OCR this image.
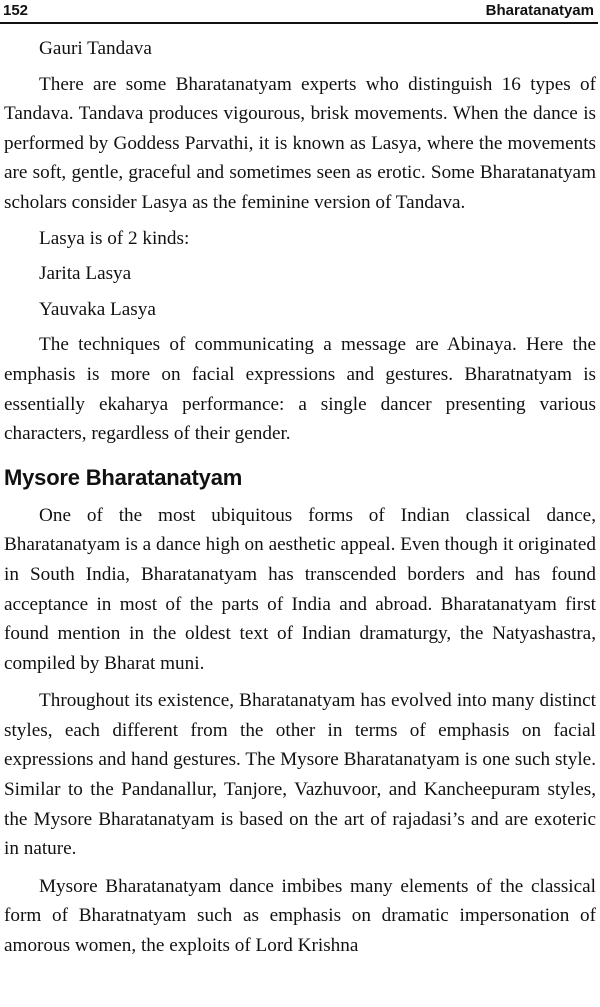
152	Bharatanatyam

Gauri Tandava

There are some Bharatanatyam experts who distinguish 16 types of Tandava. Tandava produces vigourous, brisk movements. When the dance is performed by Goddess Parvathi, it is known as Lasya, where the movements are soft, gentle, graceful and sometimes seen as erotic. Some Bharatanatyam scholars consider Lasya as the feminine version of Tandava.

Lasya is of 2 kinds:

Jarita Lasya

Yauvaka Lasya

The techniques of communicating a message are Abinaya. Here the emphasis is more on facial expressions and gestures. Bharatnatyam is essentially ekaharya performance: a single dancer presenting various characters, regardless of their gender.

Mysore Bharatanatyam

One of the most ubiquitous forms of Indian classical dance, Bharatanatyam is a dance high on aesthetic appeal. Even though it originated in South India, Bharatanatyam has transcended borders and has found acceptance in most of the parts of India and abroad. Bharatanatyam first found mention in the oldest text of Indian dramaturgy, the Natyashastra, compiled by Bharat muni.

Throughout its existence, Bharatanatyam has evolved into many distinct styles, each different from the other in terms of emphasis on facial expressions and hand gestures. The Mysore Bharatanatyam is one such style. Similar to the Pandanallur, Tanjore, Vazhuvoor, and Kancheepuram styles, the Mysore Bharatanatyam is based on the art of rajadasi’s and are exoteric in nature.

Mysore Bharatanatyam dance imbibes many elements of the classical form of Bharatnatyam such as emphasis on dramatic impersonation of amorous women, the exploits of Lord Krishna
